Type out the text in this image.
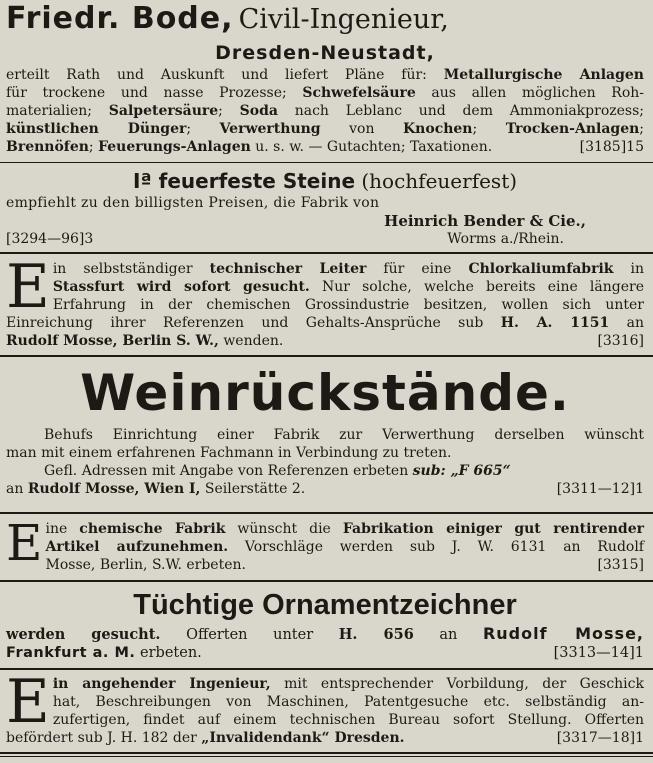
Friedr. Bode, Civil-Ingenieur,
Dresden-Neustadt,
erteilt Rath und Auskunft und liefert Pläne für: Metallurgische Anlagen
für trockene und nasse Prozesse; Schwefelsäure aus allen möglichen Roh-
materialien; Salpetersäure; Soda nach Leblanc und dem Ammoniakprozess;
künstlichen Dünger; Verwerthung von Knochen; Trocken-Anlagen;
Brennöfen; Feuerungs-Anlagen u. s. w. — Gutachten; Taxationen.	[3185]15
Iª feuerfeste Steine (hochfeuerfest)
empfiehlt zu den billigsten Preisen, die Fabrik von
Heinrich Bender & Cie.,
[3294—96]3	Worms a./Rhein.
E in selbstständiger technischer Leiter für eine Chlorkaliumfabrik in
Stassfurt wird sofort gesucht. Nur solche, welche bereits eine längere
Erfahrung in der chemischen Grossindustrie besitzen, wollen sich unter
Einreichung ihrer Referenzen und Gehalts-Ansprüche sub H. A. 1151 an
Rudolf Mosse, Berlin S. W., wenden.	[3316]
Weinrückstände.
Behufs Einrichtung einer Fabrik zur Verwerthung derselben wünscht
man mit einem erfahrenen Fachmann in Verbindung zu treten.
Gefl. Adressen mit Angabe von Referenzen erbeten sub: „F 665“
an Rudolf Mosse, Wien I, Seilerstätte 2.	[3311—12]1
E ine chemische Fabrik wünscht die Fabrikation einiger gut rentirender
Artikel aufzunehmen. Vorschläge werden sub J. W. 6131 an Rudolf
Mosse, Berlin, S.W. erbeten.	[3315]
Tüchtige Ornamentzeichner
werden gesucht. Offerten unter H. 656 an Rudolf Mosse,
Frankfurt a. M. erbeten.	[3313—14]1
E in angehender Ingenieur, mit entsprechender Vorbildung, der Geschick
hat, Beschreibungen von Maschinen, Patentgesuche etc. selbständig an-
zufertigen, findet auf einem technischen Bureau sofort Stellung. Offerten
befördert sub J. H. 182 der „Invalidendank“ Dresden.	[3317—18]1
